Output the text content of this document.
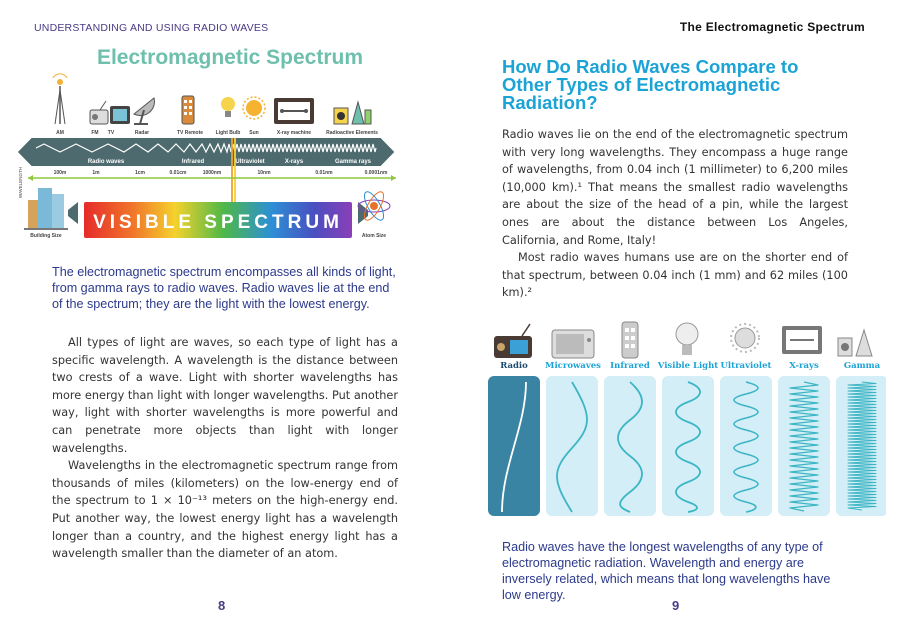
UNDERSTANDING AND USING RADIO WAVES
Electromagnetic Spectrum
AM	FM TV	Radar	TV Remote	Light Bulb Sun	X-ray machine	Radioactive Elements
Radio waves	Infrared	Ultraviolet	X-rays	Gamma rays
WAVELENGTH	100m	1m	1cm	0.01cm	1000nm	10nm	0.01nm	0.0001nm
Building Size
VISIBLE SPECTRUM
Atom Size
The electromagnetic spectrum encompasses all kinds of light, from gamma rays to radio waves. Radio waves lie at the end of the spectrum; they are the light with the lowest energy.

All types of light are waves, so each type of light has a specific wavelength. A wavelength is the distance between two crests of a wave. Light with shorter wavelengths has more energy than light with longer wavelengths. Put another way, light with shorter wavelengths is more powerful and can penetrate more objects than light with longer wavelengths.

Wavelengths in the electromagnetic spectrum range from thousands of miles (kilometers) on the low-energy end of the spectrum to 1 × 10⁻¹³ meters on the high-energy end. Put another way, the lowest energy light has a wavelength longer than a country, and the highest energy light has a wavelength smaller than the diameter of an atom.

8
The Electromagnetic Spectrum
How Do Radio Waves Compare to Other Types of Electromagnetic Radiation?

Radio waves lie on the end of the electromagnetic spectrum with very long wavelengths. They encompass a huge range of wavelengths, from 0.04 inch (1 millimeter) to 6,200 miles (10,000 km).¹ That means the smallest radio wavelengths are about the size of the head of a pin, while the largest ones are about the distance between Los Angeles, California, and Rome, Italy!

Most radio waves humans use are on the shorter end of that spectrum, between 0.04 inch (1 mm) and 62 miles (100 km).²

Radio Microwaves Infrared Visible Light Ultraviolet X-rays	Gamma
Radio waves have the longest wavelengths of any type of electromagnetic radiation. Wavelength and energy are inversely related, which means that long wavelengths have low energy.
9
